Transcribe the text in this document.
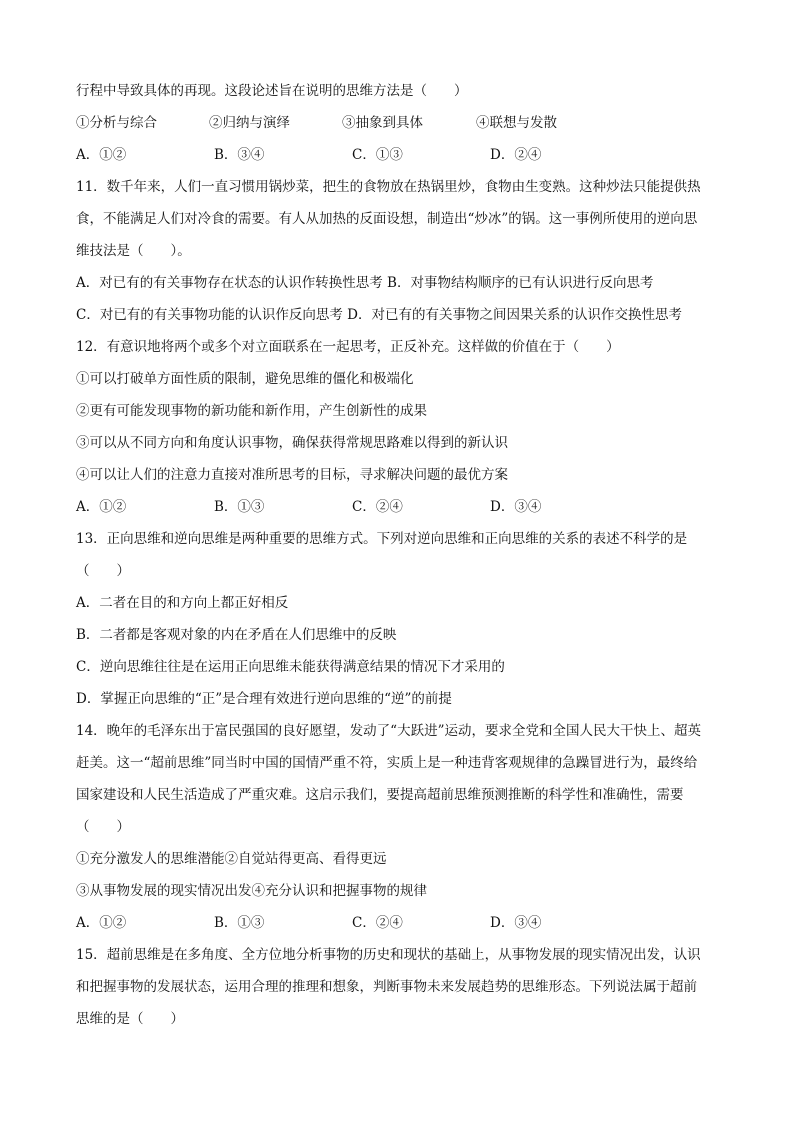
行程中导致具体的再现。这段论述旨在说明的思维方法是（　　）
①分析与综合	②归纳与演绎	③抽象到具体	④联想与发散
A．①②	B．③④	C．①③	D．②④
11．数千年来，人们一直习惯用锅炒菜，把生的食物放在热锅里炒，食物由生变熟。这种炒法只能提供热
食，不能满足人们对冷食的需要。有人从加热的反面设想，制造出“炒冰”的锅。这一事例所使用的逆向思
维技法是（　　）。
A．对已有的有关事物存在状态的认识作转换性思考 B．对事物结构顺序的已有认识进行反向思考
C．对已有的有关事物功能的认识作反向思考 D．对已有的有关事物之间因果关系的认识作交换性思考
12．有意识地将两个或多个对立面联系在一起思考，正反补充。这样做的价值在于（　　）
①可以打破单方面性质的限制，避免思维的僵化和极端化
②更有可能发现事物的新功能和新作用，产生创新性的成果
③可以从不同方向和角度认识事物，确保获得常规思路难以得到的新认识
④可以让人们的注意力直接对准所思考的目标，寻求解决问题的最优方案
A．①②	B．①③	C．②④	D．③④
13．正向思维和逆向思维是两种重要的思维方式。下列对逆向思维和正向思维的关系的表述不科学的是
（　　）
A．二者在目的和方向上都正好相反
B．二者都是客观对象的内在矛盾在人们思维中的反映
C．逆向思维往往是在运用正向思维未能获得满意结果的情况下才采用的
D．掌握正向思维的“正”是合理有效进行逆向思维的“逆”的前提
14．晚年的毛泽东出于富民强国的良好愿望，发动了“大跃进”运动，要求全党和全国人民大干快上、超英
赶美。这一“超前思维”同当时中国的国情严重不符，实质上是一种违背客观规律的急躁冒进行为，最终给
国家建设和人民生活造成了严重灾难。这启示我们，要提高超前思维预测推断的科学性和准确性，需要
（　　）
①充分激发人的思维潜能②自觉站得更高、看得更远
③从事物发展的现实情况出发④充分认识和把握事物的规律
A．①②	B．①③	C．②④	D．③④
15．超前思维是在多角度、全方位地分析事物的历史和现状的基础上，从事物发展的现实情况出发，认识
和把握事物的发展状态，运用合理的推理和想象，判断事物未来发展趋势的思维形态。下列说法属于超前
思维的是（　　）
